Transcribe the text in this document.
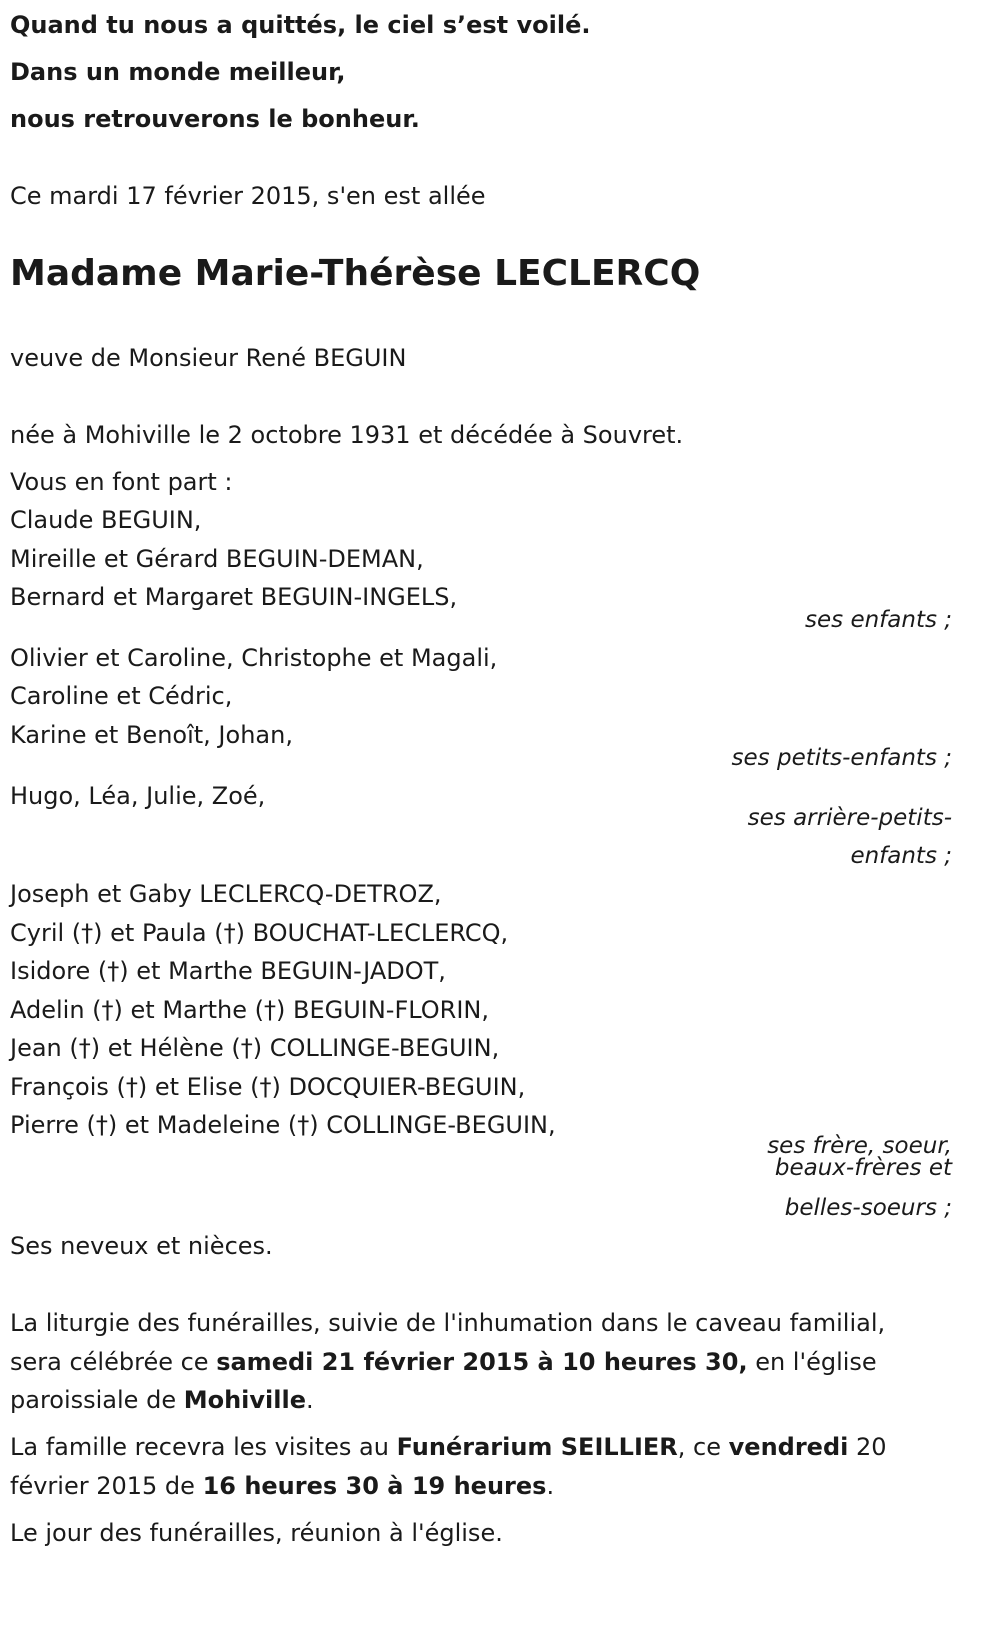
Quand tu nous a quittés, le ciel s’est voilé.
Dans un monde meilleur,
nous retrouverons le bonheur.
Ce mardi 17 février 2015, s'en est allée
Madame Marie-Thérèse LECLERCQ
veuve de Monsieur René BEGUIN
née à Mohiville le 2 octobre 1931 et décédée à Souvret.
Vous en font part :
Claude BEGUIN,
Mireille et Gérard BEGUIN-DEMAN,
Bernard et Margaret BEGUIN-INGELS,
ses enfants ;
Olivier et Caroline, Christophe et Magali,
Caroline et Cédric,
Karine et Benoît, Johan,
ses petits-enfants ;
Hugo, Léa, Julie, Zoé,
ses arrière-petits-
enfants ;
Joseph et Gaby LECLERCQ-DETROZ,
Cyril (†) et Paula (†) BOUCHAT-LECLERCQ,
Isidore (†) et Marthe BEGUIN-JADOT,
Adelin (†) et Marthe (†) BEGUIN-FLORIN,
Jean (†) et Hélène (†) COLLINGE-BEGUIN,
François (†) et Elise (†) DOCQUIER-BEGUIN,
Pierre (†) et Madeleine (†) COLLINGE-BEGUIN,
ses frère, soeur,
beaux-frères et
belles-soeurs ;
Ses neveux et nièces.
La liturgie des funérailles, suivie de l'inhumation dans le caveau familial,
sera célébrée ce samedi 21 février 2015 à 10 heures 30, en l'église
paroissiale de Mohiville.
La famille recevra les visites au Funérarium SEILLIER, ce vendredi 20
février 2015 de 16 heures 30 à 19 heures.
Le jour des funérailles, réunion à l'église.
